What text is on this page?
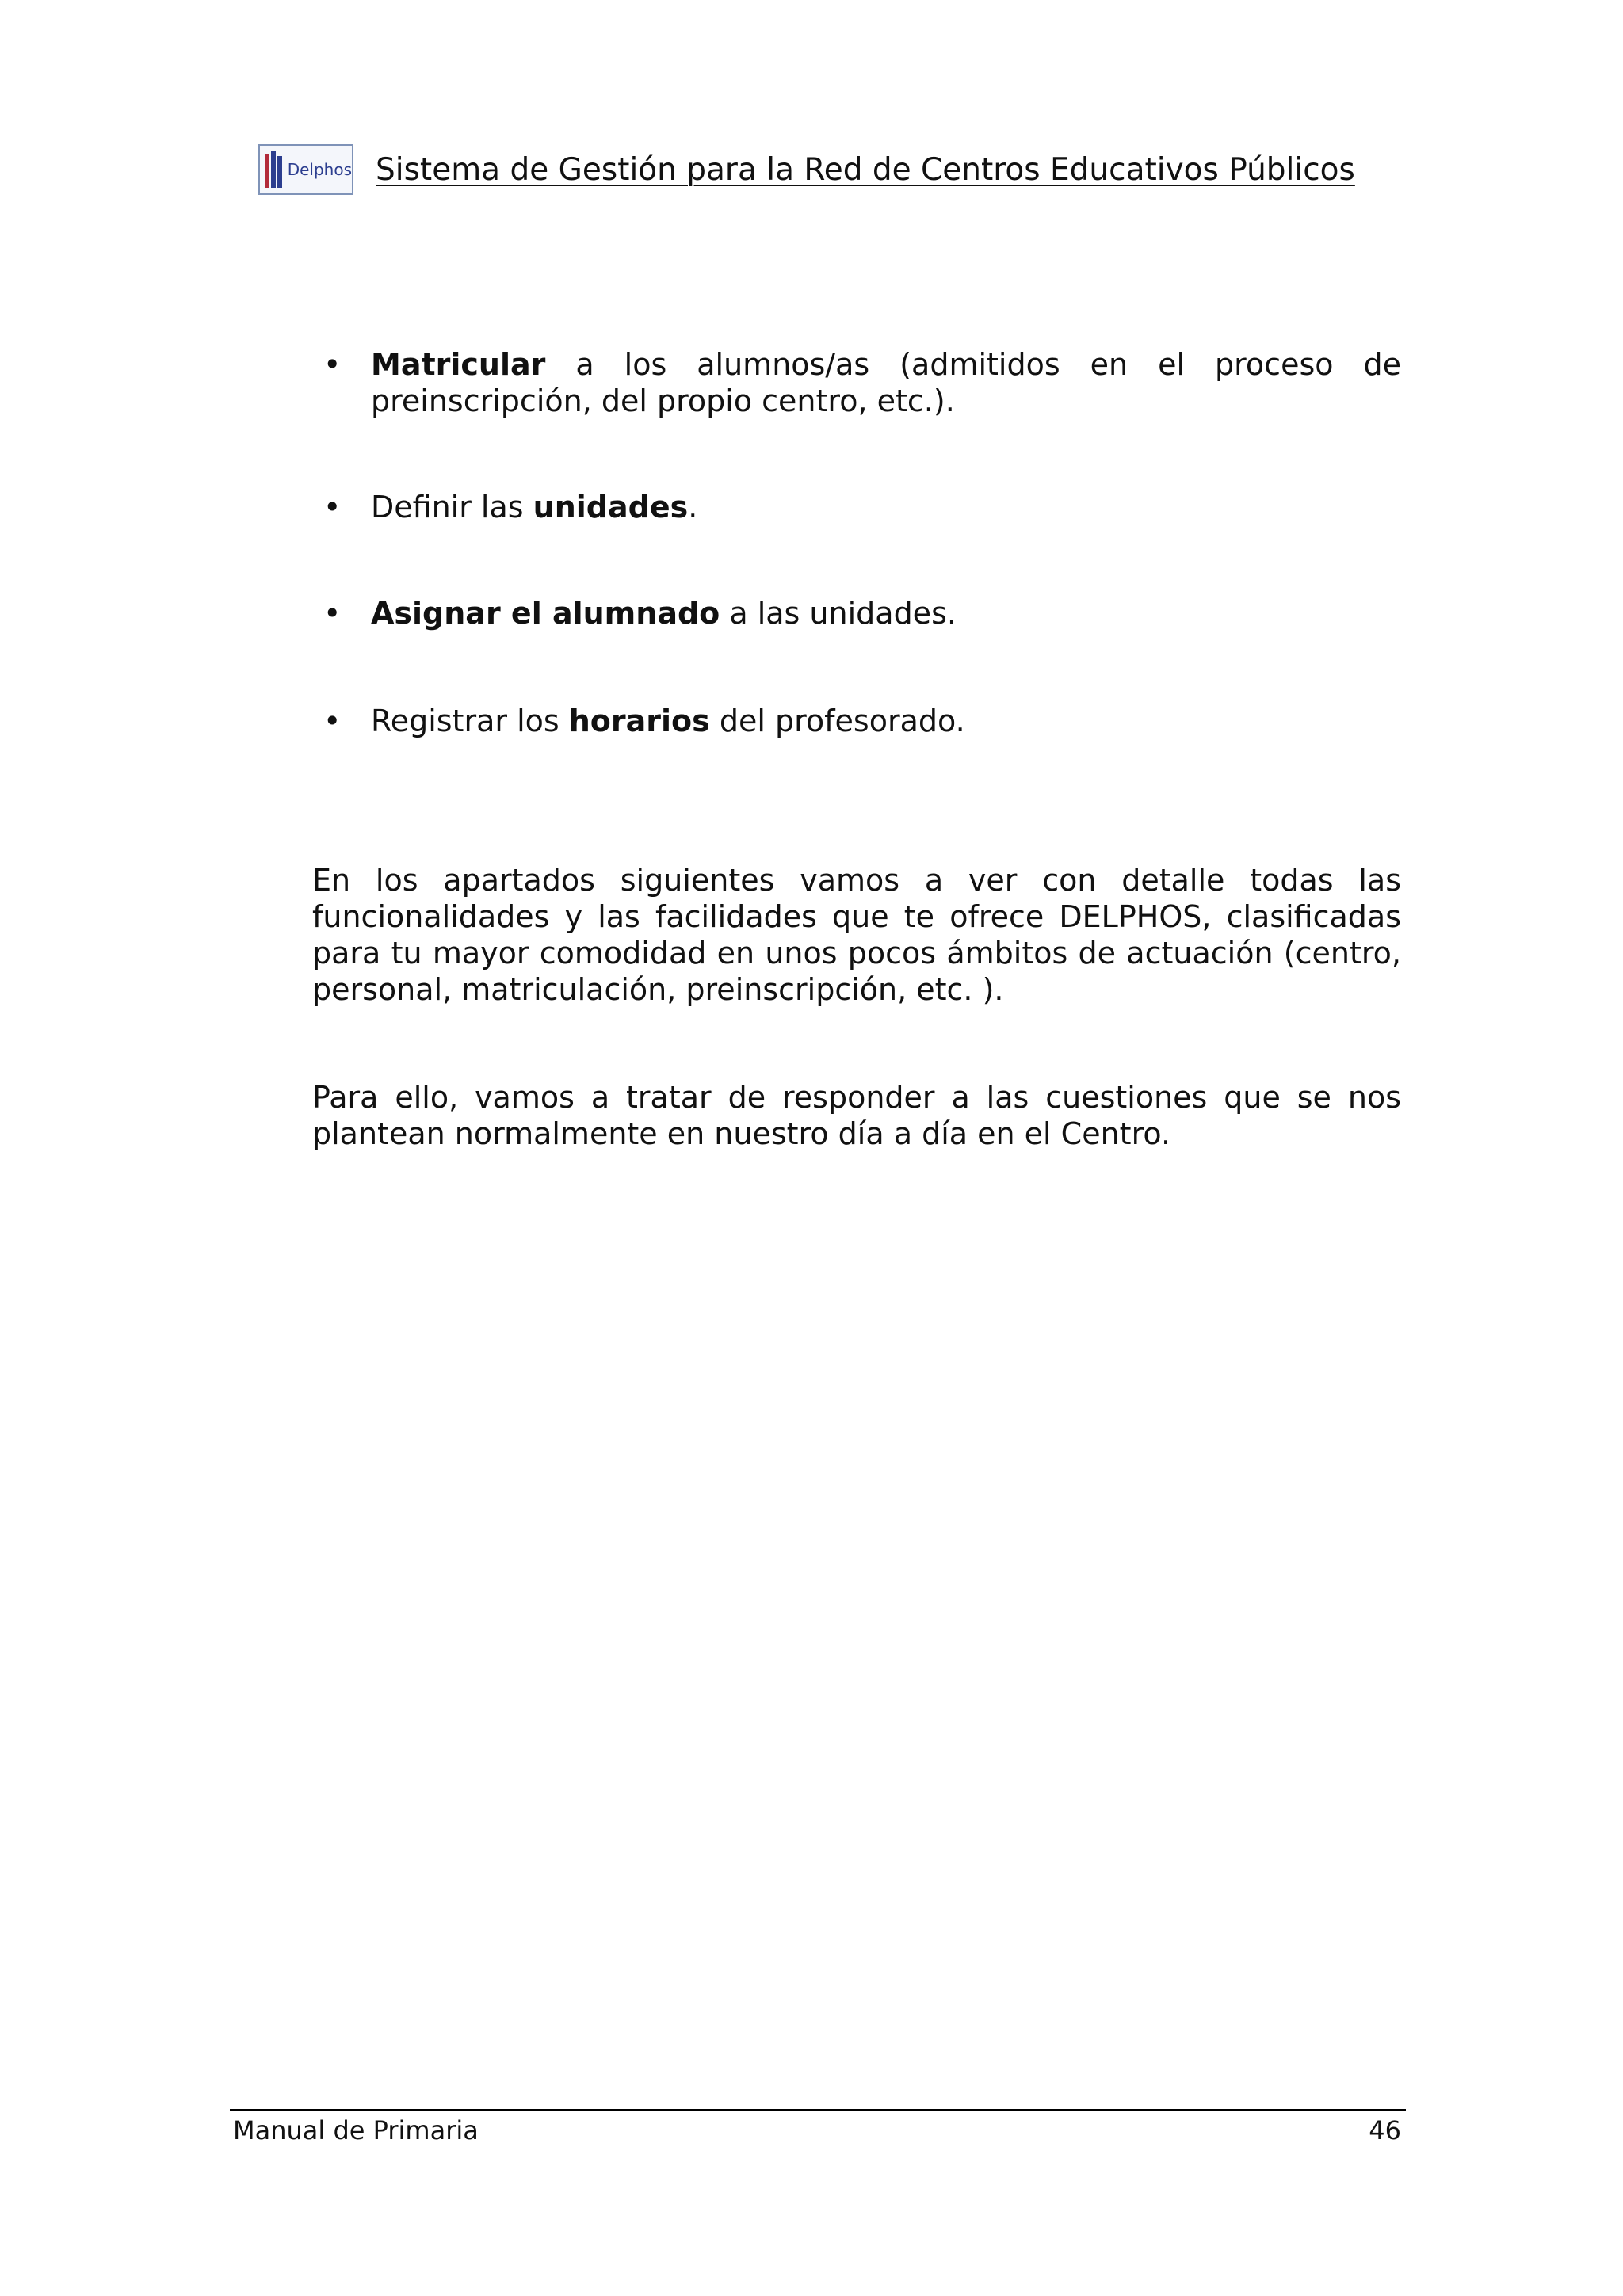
Delphos Sistema de Gestión para la Red de Centros Educativos Públicos
• Matricular a los alumnos/as (admitidos en el proceso de preinscripción, del propio centro, etc.).
• Definir las unidades.
• Asignar el alumnado a las unidades.
• Registrar los horarios del profesorado.
En los apartados siguientes vamos a ver con detalle todas las funcionalidades y las facilidades que te ofrece DELPHOS, clasificadas para tu mayor comodidad en unos pocos ámbitos de actuación (centro, personal, matriculación, preinscripción, etc. ).
Para ello, vamos a tratar de responder a las cuestiones que se nos plantean normalmente en nuestro día a día en el Centro.
Manual de Primaria	46
